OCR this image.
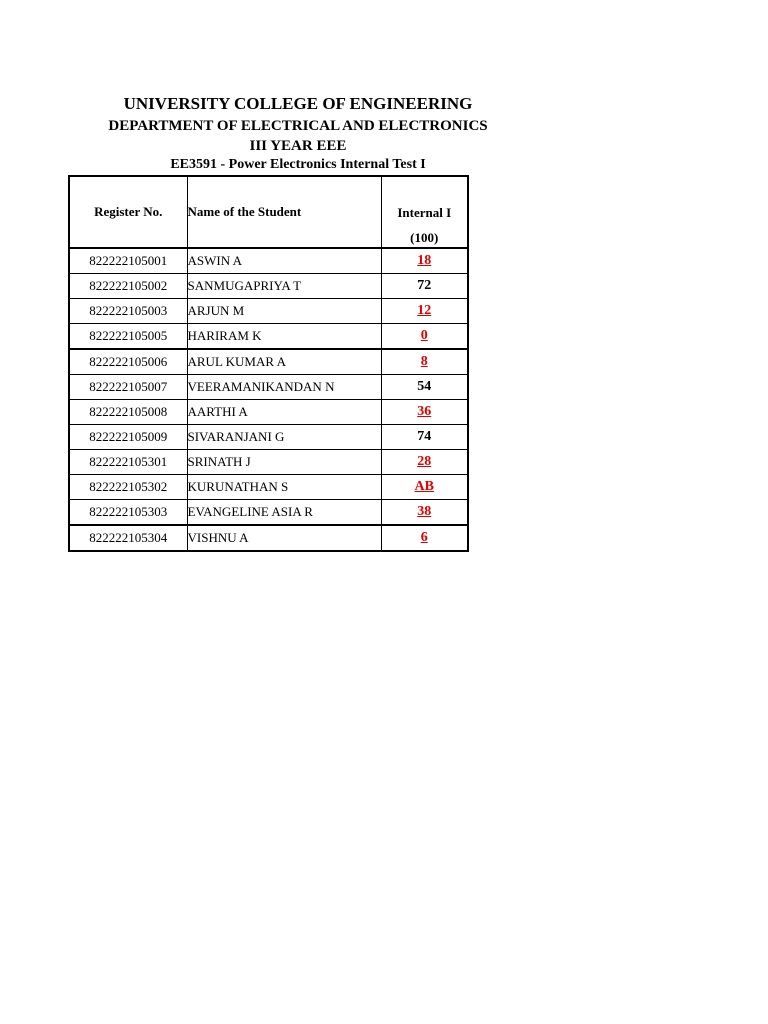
UNIVERSITY COLLEGE OF ENGINEERING
DEPARTMENT OF ELECTRICAL AND ELECTRONICS
III YEAR EEE
EE3591 - Power Electronics Internal Test I
Register No.	Name of the Student	Internal I
(100)

822222105001	ASWIN A	18
822222105002	SANMUGAPRIYA T	72
822222105003	ARJUN M	12
822222105005	HARIRAM K	0
822222105006	ARUL KUMAR A	8
822222105007	VEERAMANIKANDAN N	54
822222105008	AARTHI A	36
822222105009	SIVARANJANI G	74
822222105301	SRINATH J	28
822222105302	KURUNATHAN S	AB
822222105303	EVANGELINE ASIA R	38
822222105304	VISHNU A	6
